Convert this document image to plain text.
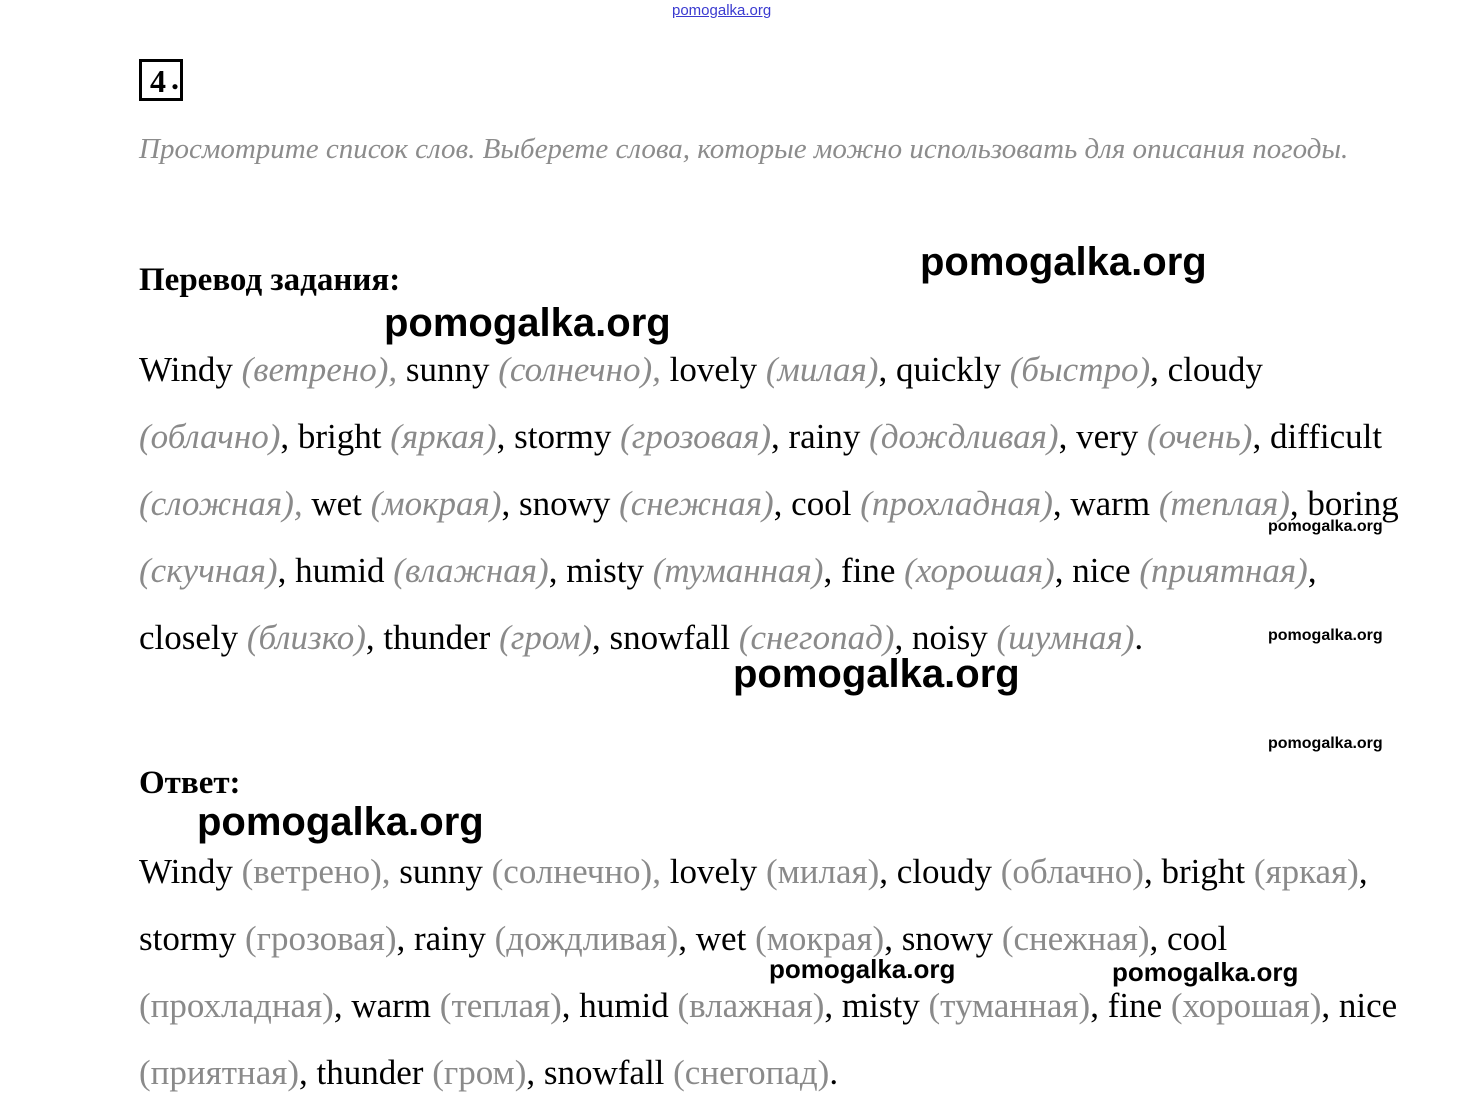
pomogalka.org
4 .

Просмотрите список слов. Выберете слова, которые можно использовать для описания погоды.

Перевод задания:

Windy (ветрено), sunny (солнечно), lovely (милая), quickly (быстро), cloudy (облачно), bright (яркая), stormy (грозовая), rainy (дождливая), very (очень), difficult (сложная), wet (мокрая), snowy (снежная), cool (прохладная), warm (теплая), boring (скучная), humid (влажная), misty (туманная), fine (хорошая), nice (приятная), closely (близко), thunder (гром), snowfall (снегопад), noisy (шумная).

Ответ:

Windy (ветрено), sunny (солнечно), lovely (милая), cloudy (облачно), bright (яркая), stormy (грозовая), rainy (дождливая), wet (мокрая), snowy (снежная), cool (прохладная), warm (теплая), humid (влажная), misty (туманная), fine (хорошая), nice (приятная), thunder (гром), snowfall (снегопад).

pomogalka.org
pomogalka.org
pomogalka.org
pomogalka.org
pomogalka.org
pomogalka.org
pomogalka.org
pomogalka.org	pomogalka.org
